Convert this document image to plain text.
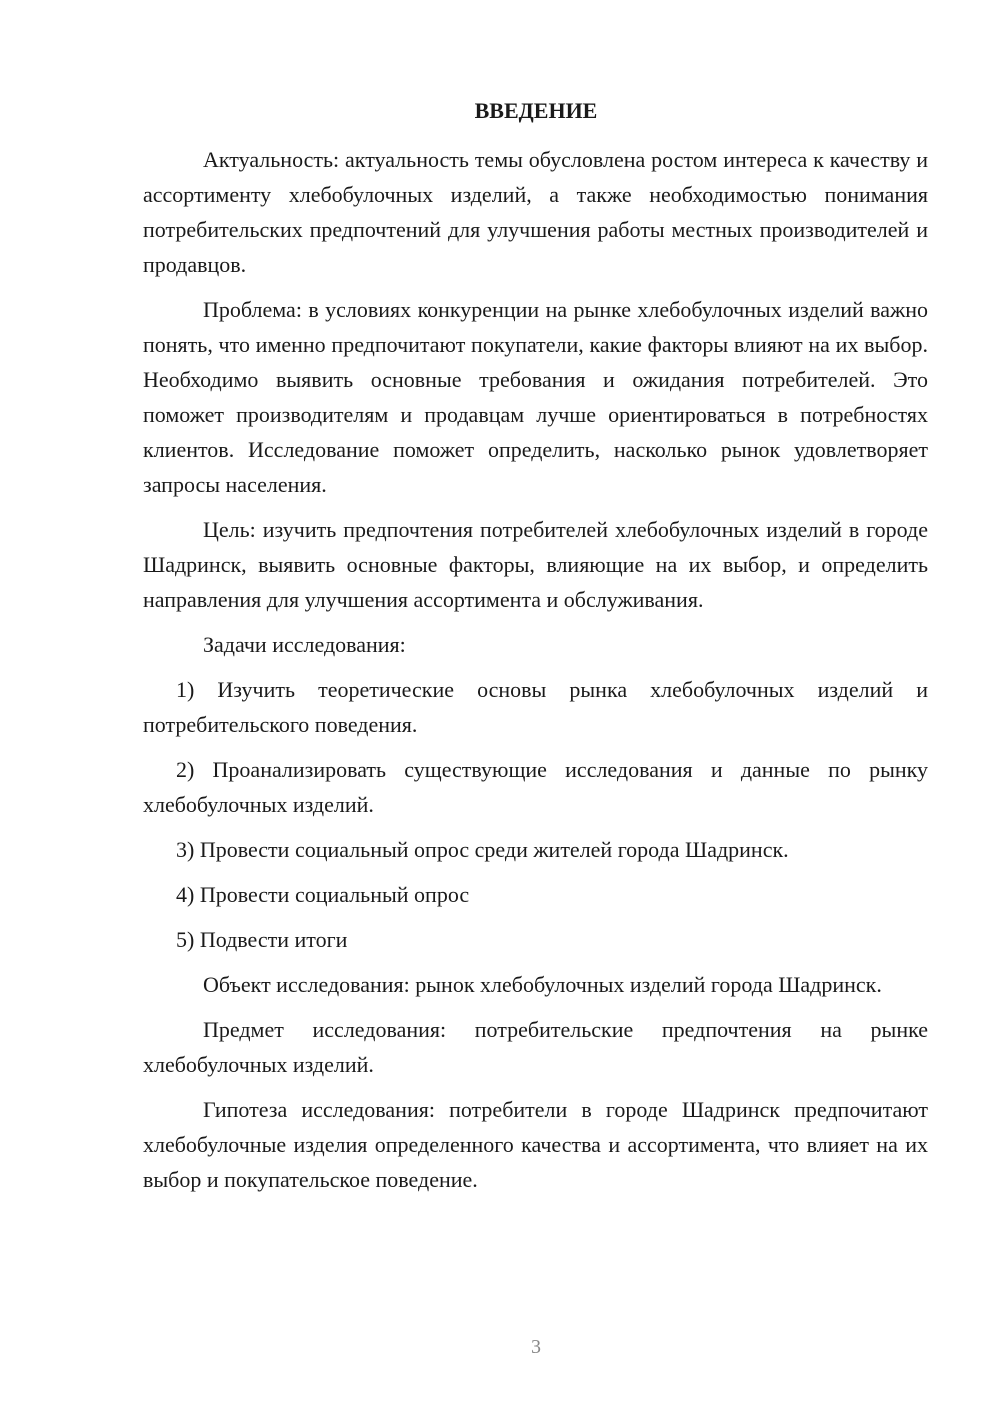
ВВЕДЕНИЕ

Актуальность: актуальность темы обусловлена ростом интереса к качеству и ассортименту хлебобулочных изделий, а также необходимостью понимания потребительских предпочтений для улучшения работы местных производителей и продавцов.

Проблема: в условиях конкуренции на рынке хлебобулочных изделий важно понять, что именно предпочитают покупатели, какие факторы влияют на их выбор. Необходимо выявить основные требования и ожидания потребителей. Это поможет производителям и продавцам лучше ориентироваться в потребностях клиентов. Исследование поможет определить, насколько рынок удовлетворяет запросы населения.

Цель: изучить предпочтения потребителей хлебобулочных изделий в городе Шадринск, выявить основные факторы, влияющие на их выбор, и определить направления для улучшения ассортимента и обслуживания.

Задачи исследования:

1) Изучить теоретические основы рынка хлебобулочных изделий и потребительского поведения.

2) Проанализировать существующие исследования и данные по рынку хлебобулочных изделий.

3) Провести социальный опрос среди жителей города Шадринск.

4) Провести социальный опрос

5) Подвести итоги

Объект исследования: рынок хлебобулочных изделий города Шадринск.

Предмет исследования: потребительские предпочтения на рынке хлебобулочных изделий.

Гипотеза исследования: потребители в городе Шадринск предпочитают хлебобулочные изделия определенного качества и ассортимента, что влияет на их выбор и покупательское поведение.

3
